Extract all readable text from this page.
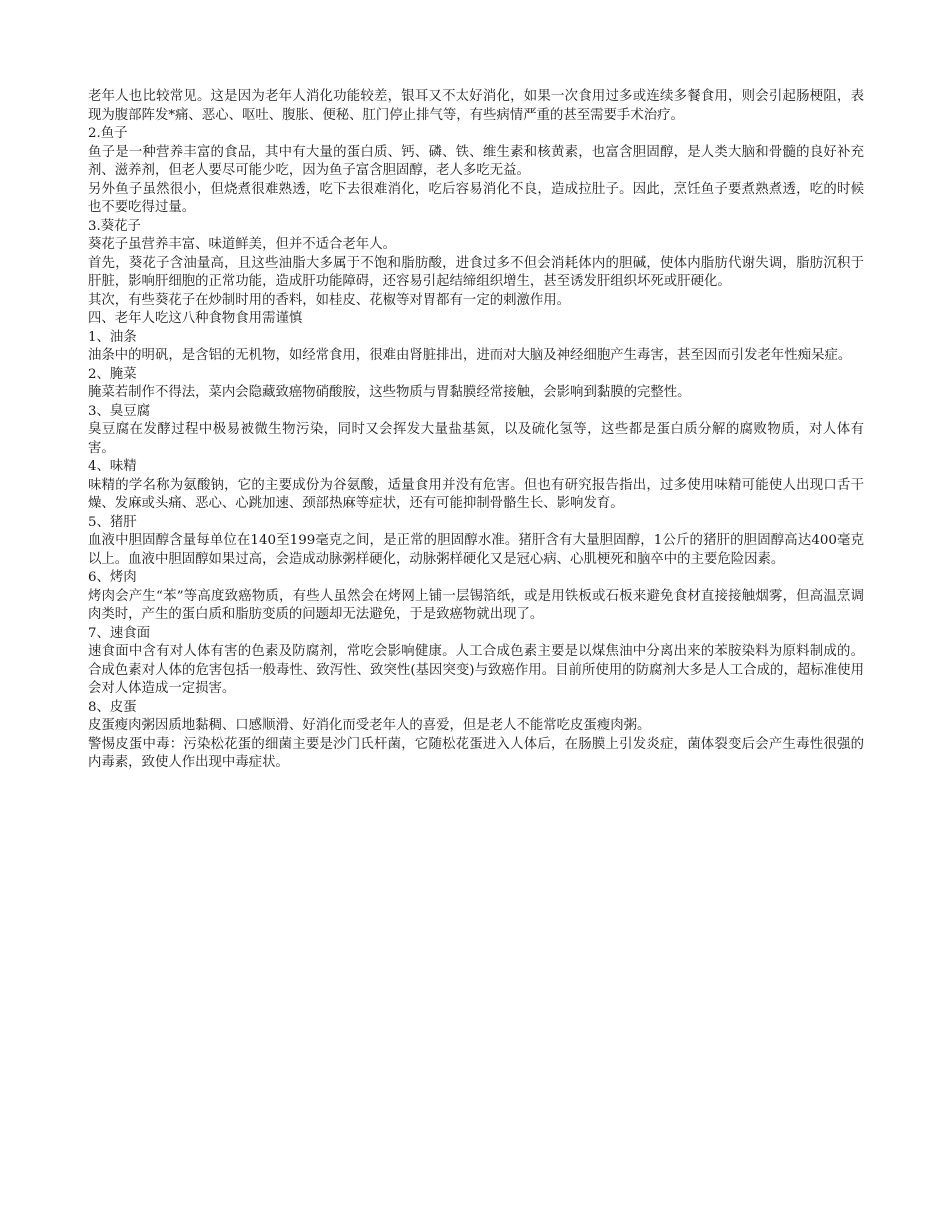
老年人也比较常见。这是因为老年人消化功能较差，银耳又不太好消化，如果一次食用过多或连续多餐食用，则会引起肠梗阻，表现为腹部阵发*痛、恶心、呕吐、腹胀、便秘、肛门停止排气等，有些病情严重的甚至需要手术治疗。

2.鱼子

鱼子是一种营养丰富的食品，其中有大量的蛋白质、钙、磷、铁、维生素和核黄素，也富含胆固醇，是人类大脑和骨髓的良好补充剂、滋养剂，但老人要尽可能少吃，因为鱼子富含胆固醇，老人多吃无益。

另外鱼子虽然很小，但烧煮很难熟透，吃下去很难消化，吃后容易消化不良，造成拉肚子。因此，烹饪鱼子要煮熟煮透，吃的时候也不要吃得过量。

3.葵花子

葵花子虽营养丰富、味道鲜美，但并不适合老年人。

首先，葵花子含油量高，且这些油脂大多属于不饱和脂肪酸，进食过多不但会消耗体内的胆碱，使体内脂肪代谢失调，脂肪沉积于肝脏，影响肝细胞的正常功能，造成肝功能障碍，还容易引起结缔组织增生，甚至诱发肝组织坏死或肝硬化。

其次，有些葵花子在炒制时用的香料，如桂皮、花椒等对胃都有一定的刺激作用。

四、老年人吃这八种食物食用需谨慎

1、油条

油条中的明矾，是含铝的无机物，如经常食用，很难由肾脏排出，进而对大脑及神经细胞产生毒害，甚至因而引发老年性痴呆症。

2、腌菜

腌菜若制作不得法，菜内会隐藏致癌物硝酸胺，这些物质与胃黏膜经常接触，会影响到黏膜的完整性。

3、臭豆腐

臭豆腐在发酵过程中极易被微生物污染，同时又会挥发大量盐基氮，以及硫化氢等，这些都是蛋白质分解的腐败物质，对人体有害。

4、味精

味精的学名称为氨酸钠，它的主要成份为谷氨酸，适量食用并没有危害。但也有研究报告指出，过多使用味精可能使人出现口舌干燥、发麻或头痛、恶心、心跳加速、颈部热麻等症状，还有可能抑制骨骼生长、影响发育。

5、猪肝

血液中胆固醇含量每单位在140至199毫克之间，是正常的胆固醇水准。猪肝含有大量胆固醇，1公斤的猪肝的胆固醇高达400毫克以上。血液中胆固醇如果过高，会造成动脉粥样硬化，动脉粥样硬化又是冠心病、心肌梗死和脑卒中的主要危险因素。

6、烤肉

烤肉会产生“苯”等高度致癌物质，有些人虽然会在烤网上铺一层锡箔纸，或是用铁板或石板来避免食材直接接触烟雾，但高温烹调肉类时，产生的蛋白质和脂肪变质的问题却无法避免，于是致癌物就出现了。

7、速食面

速食面中含有对人体有害的色素及防腐剂，常吃会影响健康。人工合成色素主要是以煤焦油中分离出来的苯胺染料为原料制成的。合成色素对人体的危害包括一般毒性、致泻性、致突性(基因突变)与致癌作用。目前所使用的防腐剂大多是人工合成的，超标准使用会对人体造成一定损害。

8、皮蛋

皮蛋瘦肉粥因质地黏稠、口感顺滑、好消化而受老年人的喜爱，但是老人不能常吃皮蛋瘦肉粥。

警惕皮蛋中毒：污染松花蛋的细菌主要是沙门氏杆菌，它随松花蛋进入人体后，在肠膜上引发炎症，菌体裂变后会产生毒性很强的内毒素，致使人作出现中毒症状。
